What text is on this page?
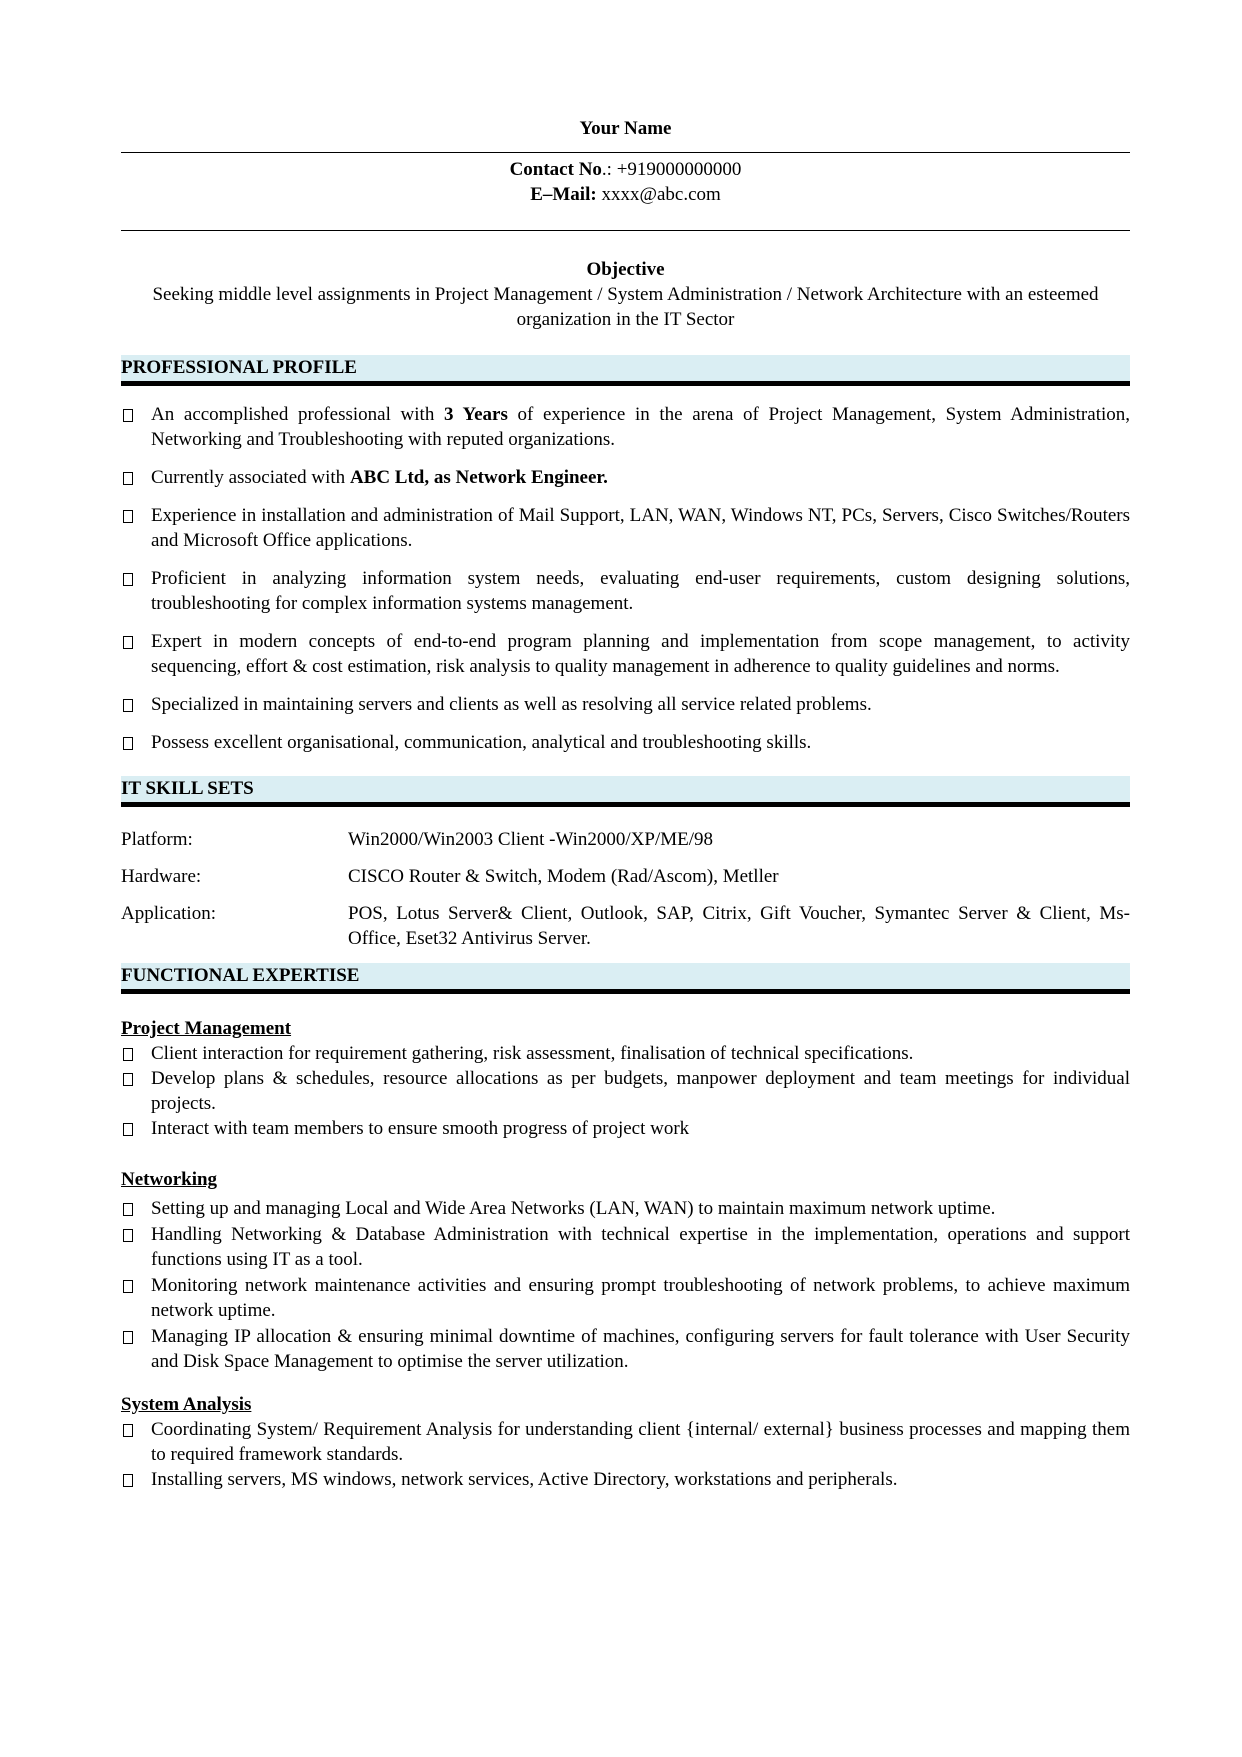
Your Name
Contact No.: +919000000000
E–Mail: xxxx@abc.com
Objective
Seeking middle level assignments in Project Management / System Administration / Network Architecture with an esteemed organization in the IT Sector
PROFESSIONAL PROFILE
An accomplished professional with 3 Years of experience in the arena of Project Management, System Administration, Networking and Troubleshooting with reputed organizations.
Currently associated with ABC Ltd, as Network Engineer.
Experience in installation and administration of Mail Support, LAN, WAN, Windows NT, PCs, Servers, Cisco Switches/Routers and Microsoft Office applications.
Proficient in analyzing information system needs, evaluating end-user requirements, custom designing solutions, troubleshooting for complex information systems management.
Expert in modern concepts of end-to-end program planning and implementation from scope management, to activity sequencing, effort & cost estimation, risk analysis to quality management in adherence to quality guidelines and norms.
Specialized in maintaining servers and clients as well as resolving all service related problems.
Possess excellent organisational, communication, analytical and troubleshooting skills.
IT SKILL SETS
Platform:	Win2000/Win2003 Client -Win2000/XP/ME/98
Hardware:	CISCO Router & Switch, Modem (Rad/Ascom), Metller
Application:	POS, Lotus Server& Client, Outlook, SAP, Citrix, Gift Voucher, Symantec Server & Client, Ms-Office, Eset32 Antivirus Server.
FUNCTIONAL EXPERTISE
Project Management
Client interaction for requirement gathering, risk assessment, finalisation of technical specifications.
Develop plans & schedules, resource allocations as per budgets, manpower deployment and team meetings for individual projects.
Interact with team members to ensure smooth progress of project work
Networking
Setting up and managing Local and Wide Area Networks (LAN, WAN) to maintain maximum network uptime.
Handling Networking & Database Administration with technical expertise in the implementation, operations and support functions using IT as a tool.
Monitoring network maintenance activities and ensuring prompt troubleshooting of network problems, to achieve maximum network uptime.
Managing IP allocation & ensuring minimal downtime of machines, configuring servers for fault tolerance with User Security and Disk Space Management to optimise the server utilization.
System Analysis
Coordinating System/ Requirement Analysis for understanding client {internal/ external} business processes and mapping them to required framework standards.
Installing servers, MS windows, network services, Active Directory, workstations and peripherals.
